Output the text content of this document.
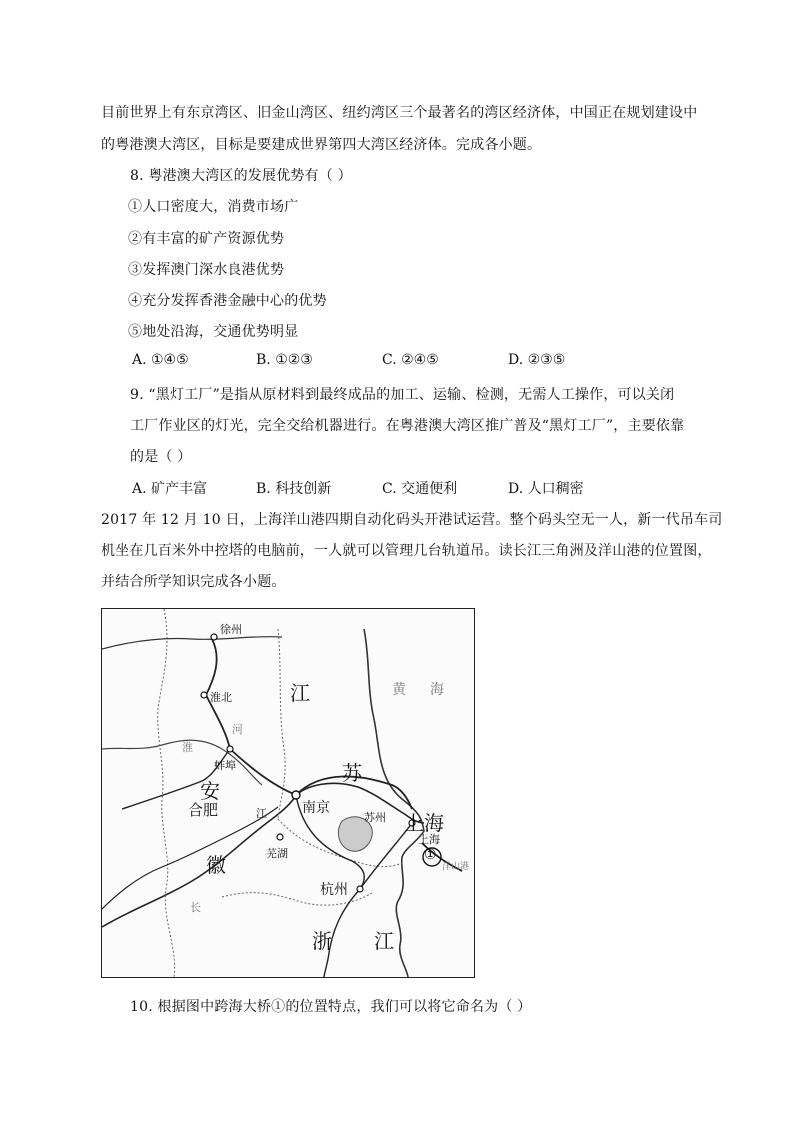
目前世界上有东京湾区、旧金山湾区、纽约湾区三个最著名的湾区经济体，中国正在规划建设中
的粤港澳大湾区，目标是要建成世界第四大湾区经济体。完成各小题。
8. 粤港澳大湾区的发展优势有（ ）
①人口密度大，消费市场广
②有丰富的矿产资源优势
③发挥澳门深水良港优势
④充分发挥香港金融中心的优势
⑤地处沿海，交通优势明显
A. ①④⑤	B. ①②③	C. ②④⑤	D. ②③⑤
9. “黑灯工厂”是指从原材料到最终成品的加工、运输、检测，无需人工操作，可以关闭
工厂作业区的灯光，完全交给机器进行。在粤港澳大湾区推广普及“黑灯工厂”，主要依靠
的是（ ）
A. 矿产丰富	B. 科技创新	C. 交通便利	D. 人口稠密
2017 年 12 月 10 日，上海洋山港四期自动化码头开港试运营。整个码头空无一人，新一代吊车司
机坐在几百米外中控塔的电脑前，一人就可以管理几台轨道吊。读长江三角洲及洋山港的位置图，
并结合所学知识完成各小题。
徐州
淮北	江	黄 海
河
蚌埠
淮
安
合肥
苏
南京
江	苏州 上海
上海
①
洋山港
芜湖
徽
长
杭州
浙 江
10. 根据图中跨海大桥①的位置特点，我们可以将它命名为（ ）
